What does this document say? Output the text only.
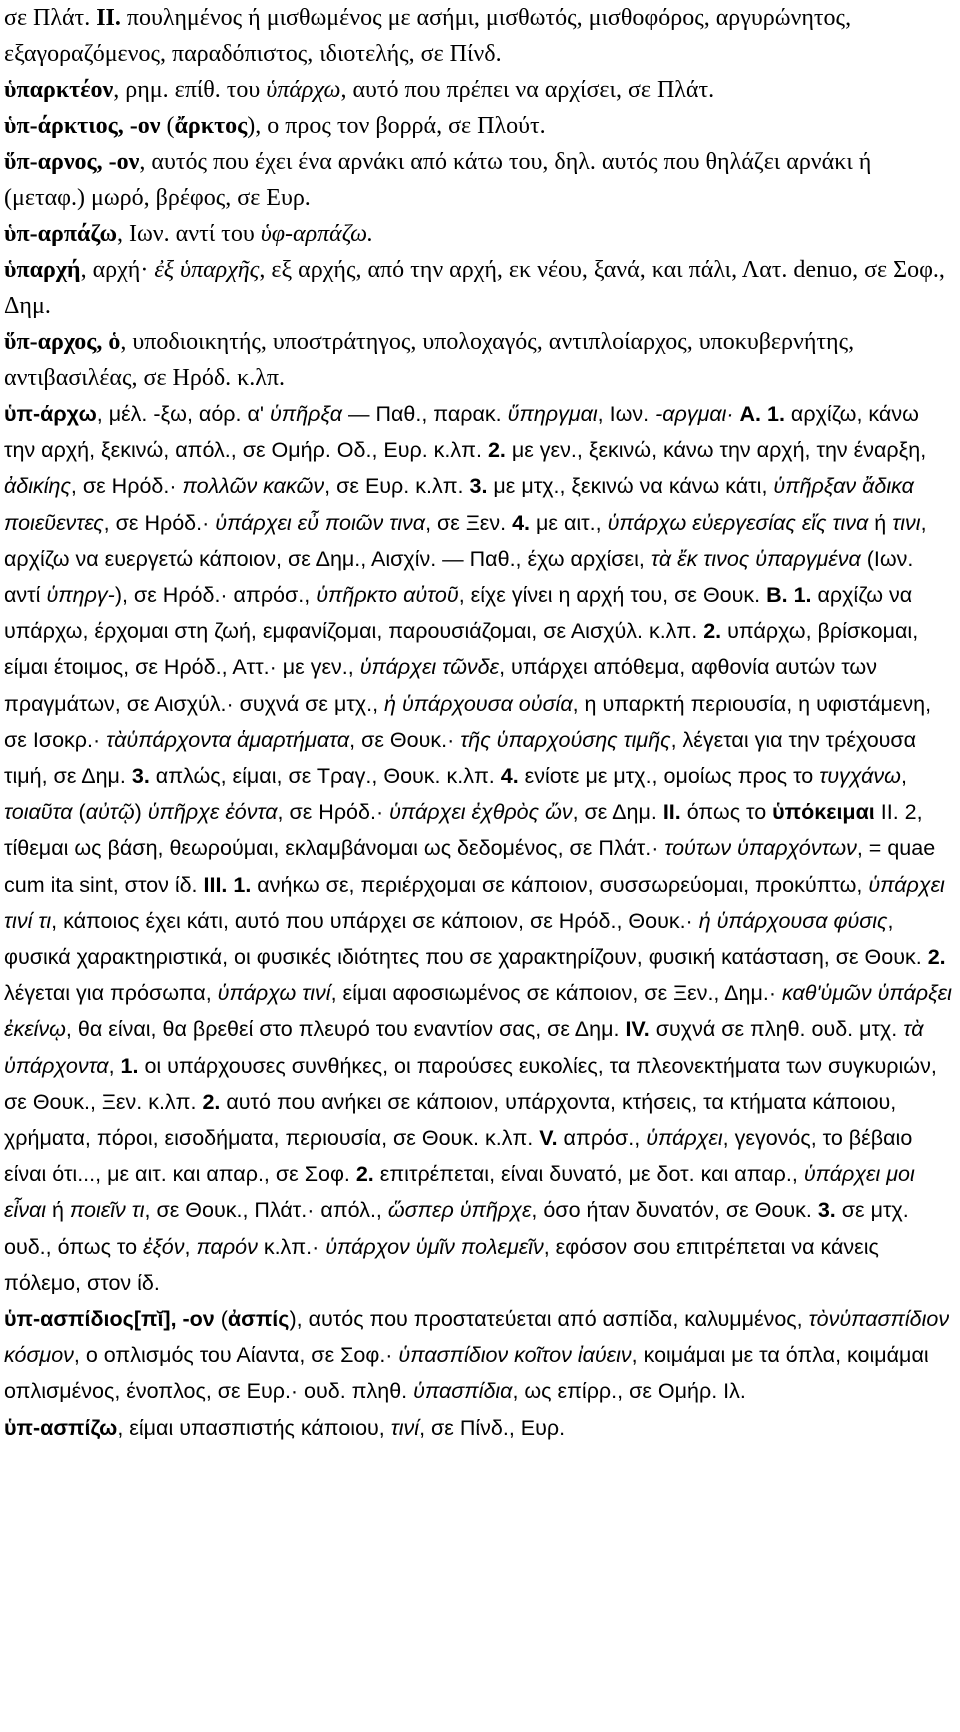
σε Πλάτ. II. πουλημένος ή μισθωμένος με ασήμι, μισθωτός, μισθοφόρος, αργυρώνητος, εξαγοραζόμενος, παραδόπιστος, ιδιοτελής, σε Πίνδ.

ὑπαρκτέον, ρημ. επίθ. του ὑπάρχω, αυτό που πρέπει να αρχίσει, σε Πλάτ.

ὑπ-άρκτιος, -ον (ἄρκτος), ο προς τον βορρά, σε Πλούτ.

ὕπ-αρνος, -ον, αυτός που έχει ένα αρνάκι από κάτω του, δηλ. αυτός που θηλάζει αρνάκι ή (μεταφ.) μωρό, βρέφος, σε Ευρ.

ὑπ-αρπάζω, Ιων. αντί του ὑφ-αρπάζω.

ὑπαρχή, αρχή· ἐξ ὑπαρχῆς, εξ αρχής, από την αρχή, εκ νέου, ξανά, και πάλι, Λατ. denuo, σε Σοφ., Δημ.

ὕπ-αρχος, ὁ, υποδιοικητής, υποστράτηγος, υπολοχαγός, αντιπλοίαρχος, υποκυβερνήτης, αντιβασιλέας, σε Ηρόδ. κ.λπ.

ὑπ-άρχω, μέλ. -ξω, αόρ. α' ὑπῆρξα — Παθ., παρακ. ὕπηργμαι, Ιων. -αργμαι· A. 1. αρχίζω, κάνω την αρχή, ξεκινώ, απόλ., σε Ομήρ. Οδ., Ευρ. κ.λπ. 2. με γεν., ξεκινώ, κάνω την αρχή, την έναρξη, ἀδικίης, σε Ηρόδ.· πολλῶν κακῶν, σε Ευρ. κ.λπ. 3. με μτχ., ξεκινώ να κάνω κάτι, ὑπῆρξαν ἄδικα ποιεῦεντες, σε Ηρόδ.· ὑπάρχει εὖ ποιῶν τινα, σε Ξεν. 4. με αιτ., ὑπάρχω εὐεργεσίας εἴς τινα ή τινι, αρχίζω να ευεργετώ κάποιον, σε Δημ., Αισχίν. — Παθ., έχω αρχίσει, τὰ ἔκ τινος ὑπαργμένα (Ιων. αντί ὑπηργ-), σε Ηρόδ.· απρόσ., ὑπῆρκτο αὐτοῦ, είχε γίνει η αρχή του, σε Θουκ. B. 1. αρχίζω να υπάρχω, έρχομαι στη ζωή, εμφανίζομαι, παρουσιάζομαι, σε Αισχύλ. κ.λπ. 2. υπάρχω, βρίσκομαι, είμαι έτοιμος, σε Ηρόδ., Αττ.· με γεν., ὑπάρχει τῶνδε, υπάρχει απόθεμα, αφθονία αυτών των πραγμάτων, σε Αισχύλ.· συχνά σε μτχ., ἡ ὑπάρχουσα οὐσία, η υπαρκτή περιουσία, η υφιστάμενη, σε Ισοκρ.· τὰὑπάρχοντα ἁμαρτήματα, σε Θουκ.· τῆς ὑπαρχούσης τιμῆς, λέγεται για την τρέχουσα τιμή, σε Δημ. 3. απλώς, είμαι, σε Τραγ., Θουκ. κ.λπ. 4. ενίοτε με μτχ., ομοίως προς το τυγχάνω, τοιαῦτα (αὐτῷ) ὑπῆρχε ἐόντα, σε Ηρόδ.· ὑπάρχει ἐχθρὸς ὤν, σε Δημ. II. όπως το ὑπόκειμαι II. 2, τίθεμαι ως βάση, θεωρούμαι, εκλαμβάνομαι ως δεδομένος, σε Πλάτ.· τούτων ὑπαρχόντων, = quae cum ita sint, στον ίδ. III. 1. ανήκω σε, περιέρχομαι σε κάποιον, συσσωρεύομαι, προκύπτω, ὑπάρχει τινί τι, κάποιος έχει κάτι, αυτό που υπάρχει σε κάποιον, σε Ηρόδ., Θουκ.· ἡ ὑπάρχουσα φύσις, φυσικά χαρακτηριστικά, οι φυσικές ιδιότητες που σε χαρακτηρίζουν, φυσική κατάσταση, σε Θουκ. 2. λέγεται για πρόσωπα, ὑπάρχω τινί, είμαι αφοσιωμένος σε κάποιον, σε Ξεν., Δημ.· καθ'ὑμῶν ὑπάρξει ἐκείνῳ, θα είναι, θα βρεθεί στο πλευρό του εναντίον σας, σε Δημ. IV. συχνά σε πληθ. ουδ. μτχ. τὰ ὑπάρχοντα, 1. οι υπάρχουσες συνθήκες, οι παρούσες ευκολίες, τα πλεονεκτήματα των συγκυριών, σε Θουκ., Ξεν. κ.λπ. 2. αυτό που ανήκει σε κάποιον, υπάρχοντα, κτήσεις, τα κτήματα κάποιου, χρήματα, πόροι, εισοδήματα, περιουσία, σε Θουκ. κ.λπ. V. απρόσ., ὑπάρχει, γεγονός, το βέβαιο είναι ότι..., με αιτ. και απαρ., σε Σοφ. 2. επιτρέπεται, είναι δυνατό, με δοτ. και απαρ., ὑπάρχει μοι εἶναι ή ποιεῖν τι, σε Θουκ., Πλάτ.· απόλ., ὥσπερ ὑπῆρχε, όσο ήταν δυνατόν, σε Θουκ. 3. σε μτχ. ουδ., όπως το ἐξόν, παρόν κ.λπ.· ὑπάρχον ὑμῖν πολεμεῖν, εφόσον σου επιτρέπεται να κάνεις πόλεμο, στον ίδ.

ὑπ-ασπίδιος[πῐ], -ον (ἀσπίς), αυτός που προστατεύεται από ασπίδα, καλυμμένος, τὸνὑπασπίδιον κόσμον, ο οπλισμός του Αίαντα, σε Σοφ.· ὑπασπίδιον κοῖτον ἰαύειν, κοιμάμαι με τα όπλα, κοιμάμαι οπλισμένος, ένοπλος, σε Ευρ.· ουδ. πληθ. ὑπασπίδια, ως επίρρ., σε Ομήρ. Ιλ.

ὑπ-ασπίζω, είμαι υπασπιστής κάποιου, τινί, σε Πίνδ., Ευρ.
